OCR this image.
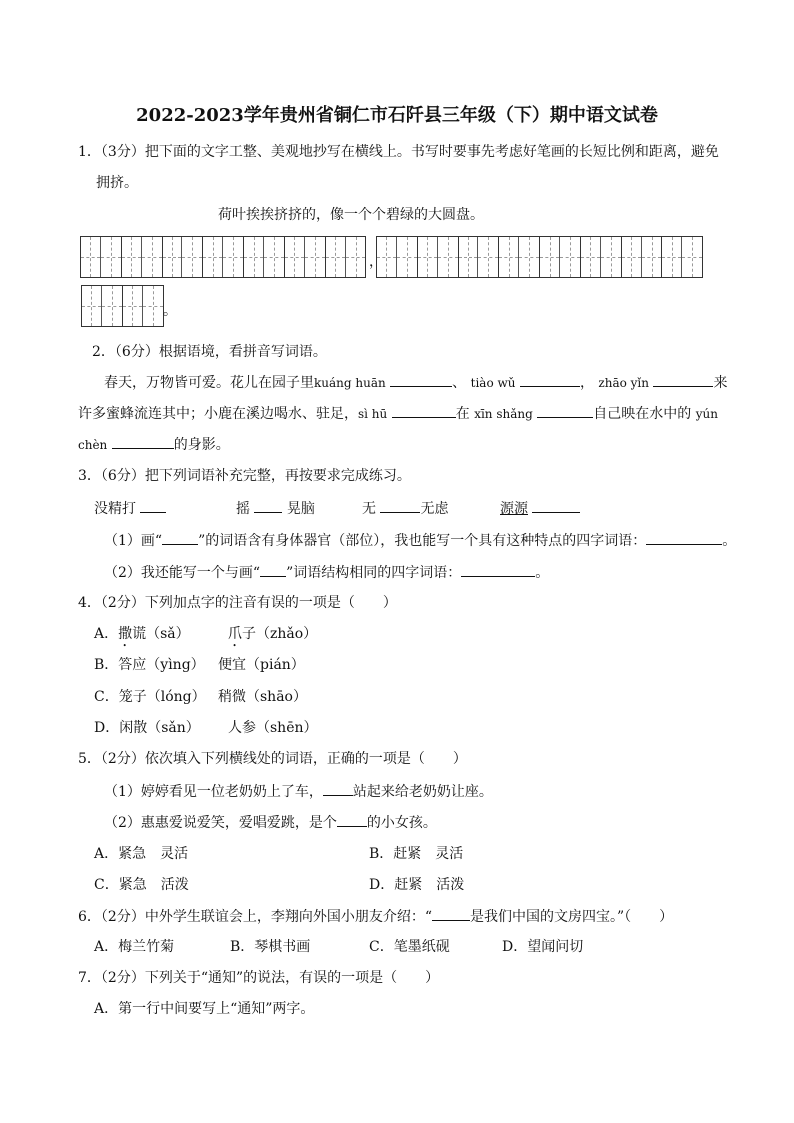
2022-2023学年贵州省铜仁市石阡县三年级（下）期中语文试卷
1．（3分）把下面的文字工整、美观地抄写在横线上。书写时要事先考虑好笔画的长短比例和距离，避免
拥挤。
荷叶挨挨挤挤的，像一个个碧绿的大圆盘。
，
。
2．（6分）根据语境，看拼音写词语。
春天，万物皆可爱。花儿在园子里kuáng huān	、 tiào wǔ	， zhāo yǐn	来
许多蜜蜂流连其中；小鹿在溪边喝水、驻足，sì hū	在 xīn shǎng	自己映在水中的 yún
chèn	的身影。
3．（6分）把下列词语补充完整，再按要求完成练习。
没精打	摇	晃脑	无	无虑	源源
（1）画“	”的词语含有身体器官（部位），我也能写一个具有这种特点的四字词语：	。
（2）我还能写一个与画“ ”词语结构相同的四字词语：	。
4．（2分）下列加点字的注音有误的一项是（　　）
A．撒谎（sǎ）	爪子（zhǎo）
B．答应（yìng） 便宜（pián）
C．笼子（lóng） 稍微（shāo）
D．闲散（sǎn） 人参（shēn）
5．（2分）依次填入下列横线处的词语，正确的一项是（　　）
（1）婷婷看见一位老奶奶上了车， 站起来给老奶奶让座。
（2）惠惠爱说爱笑，爱唱爱跳，是个 的小女孩。
A．紧急　灵活	B．赶紧　灵活
C．紧急　活泼	D．赶紧　活泼
6．（2分）中外学生联谊会上，李翔向外国小朋友介绍：“	是我们中国的文房四宝。”（　　）
A．梅兰竹菊	B．琴棋书画	C．笔墨纸砚	D．望闻问切
7．（2分）下列关于“通知”的说法，有误的一项是（　　）
A．第一行中间要写上“通知”两字。
